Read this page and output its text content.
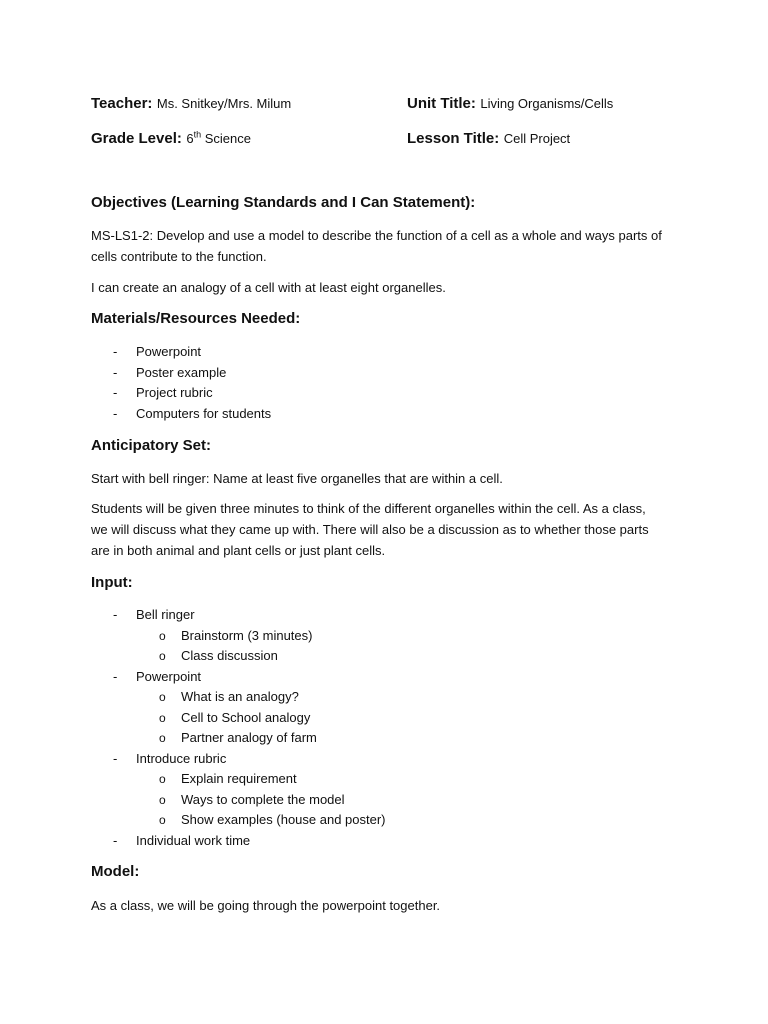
Teacher: Ms. Snitkey/Mrs. Milum	Unit Title: Living Organisms/Cells
Grade Level: 6th Science	Lesson Title: Cell Project
Objectives (Learning Standards and I Can Statement):

MS-LS1-2: Develop and use a model to describe the function of a cell as a whole and ways parts of cells contribute to the function.

I can create an analogy of a cell with at least eight organelles.

Materials/Resources Needed:
- Powerpoint
- Poster example
- Project rubric
- Computers for students
Anticipatory Set:

Start with bell ringer: Name at least five organelles that are within a cell.

Students will be given three minutes to think of the different organelles within the cell. As a class, we will discuss what they came up with. There will also be a discussion as to whether those parts are in both animal and plant cells or just plant cells.

Input:
- Bell ringer
o Brainstorm (3 minutes)
o Class discussion
- Powerpoint
o What is an analogy?
o Cell to School analogy
o Partner analogy of farm
- Introduce rubric
o Explain requirement
o Ways to complete the model
o Show examples (house and poster)
- Individual work time
Model:

As a class, we will be going through the powerpoint together.
